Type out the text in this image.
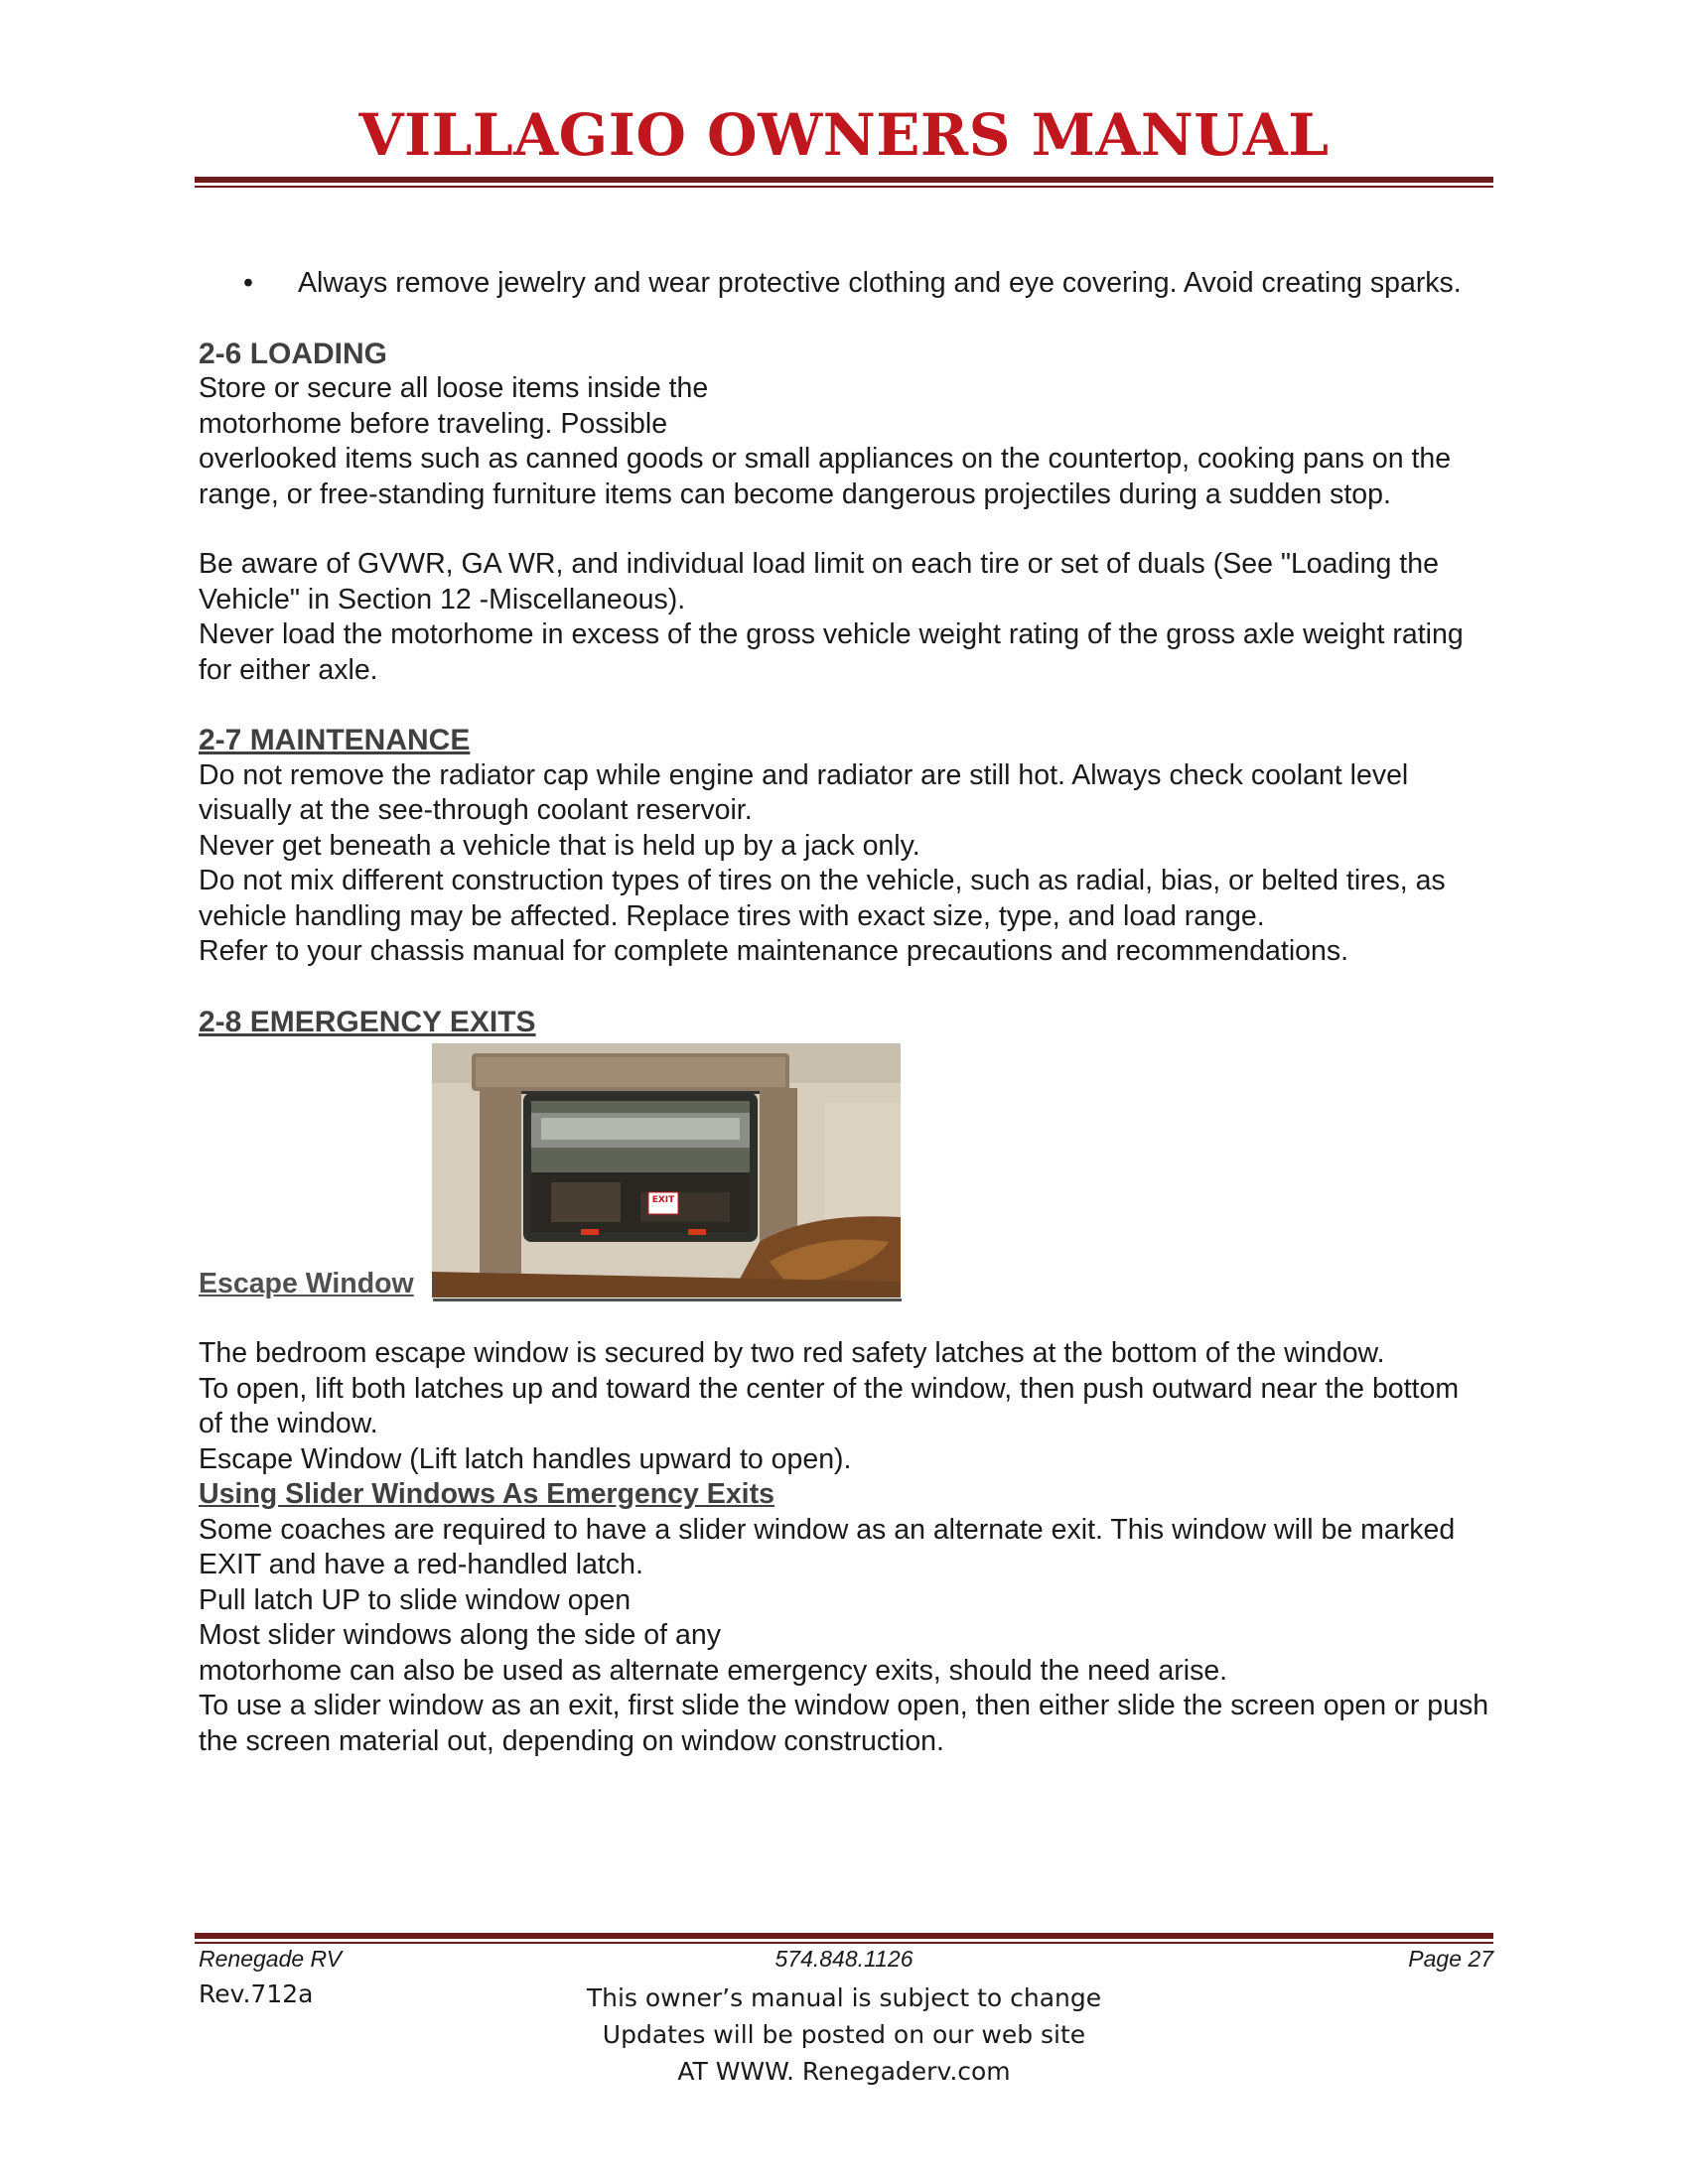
VILLAGIO OWNERS MANUAL

• Always remove jewelry and wear protective clothing and eye covering. Avoid creating sparks.

2-6 LOADING

Store or secure all loose items inside the

motorhome before traveling. Possible

overlooked items such as canned goods or small appliances on the countertop, cooking pans on the range, or free-standing furniture items can become dangerous projectiles during a sudden stop.

Be aware of GVWR, GA WR, and individual load limit on each tire or set of duals (See "Loading the Vehicle" in Section 12 -Miscellaneous).

Never load the motorhome in excess of the gross vehicle weight rating of the gross axle weight rating for either axle.

2-7 MAINTENANCE

Do not remove the radiator cap while engine and radiator are still hot. Always check coolant level visually at the see-through coolant reservoir.

Never get beneath a vehicle that is held up by a jack only.

Do not mix different construction types of tires on the vehicle, such as radial, bias, or belted tires, as vehicle handling may be affected. Replace tires with exact size, type, and load range.

Refer to your chassis manual for complete maintenance precautions and recommendations.

2-8 EMERGENCY EXITS

EXIT
Escape Window

The bedroom escape window is secured by two red safety latches at the bottom of the window.

To open, lift both latches up and toward the center of the window, then push outward near the bottom of the window.

Escape Window (Lift latch handles upward to open).

Using Slider Windows As Emergency Exits

Some coaches are required to have a slider window as an alternate exit. This window will be marked EXIT and have a red-handled latch.

Pull latch UP to slide window open

Most slider windows along the side of any

motorhome can also be used as alternate emergency exits, should the need arise.

To use a slider window as an exit, first slide the window open, then either slide the screen open or push the screen material out, depending on window construction.

Renegade RV	574.848.1126	Page 27
Rev.712a	This owner’s manual is subject to change
Updates will be posted on our web site
AT WWW. Renegaderv.com
